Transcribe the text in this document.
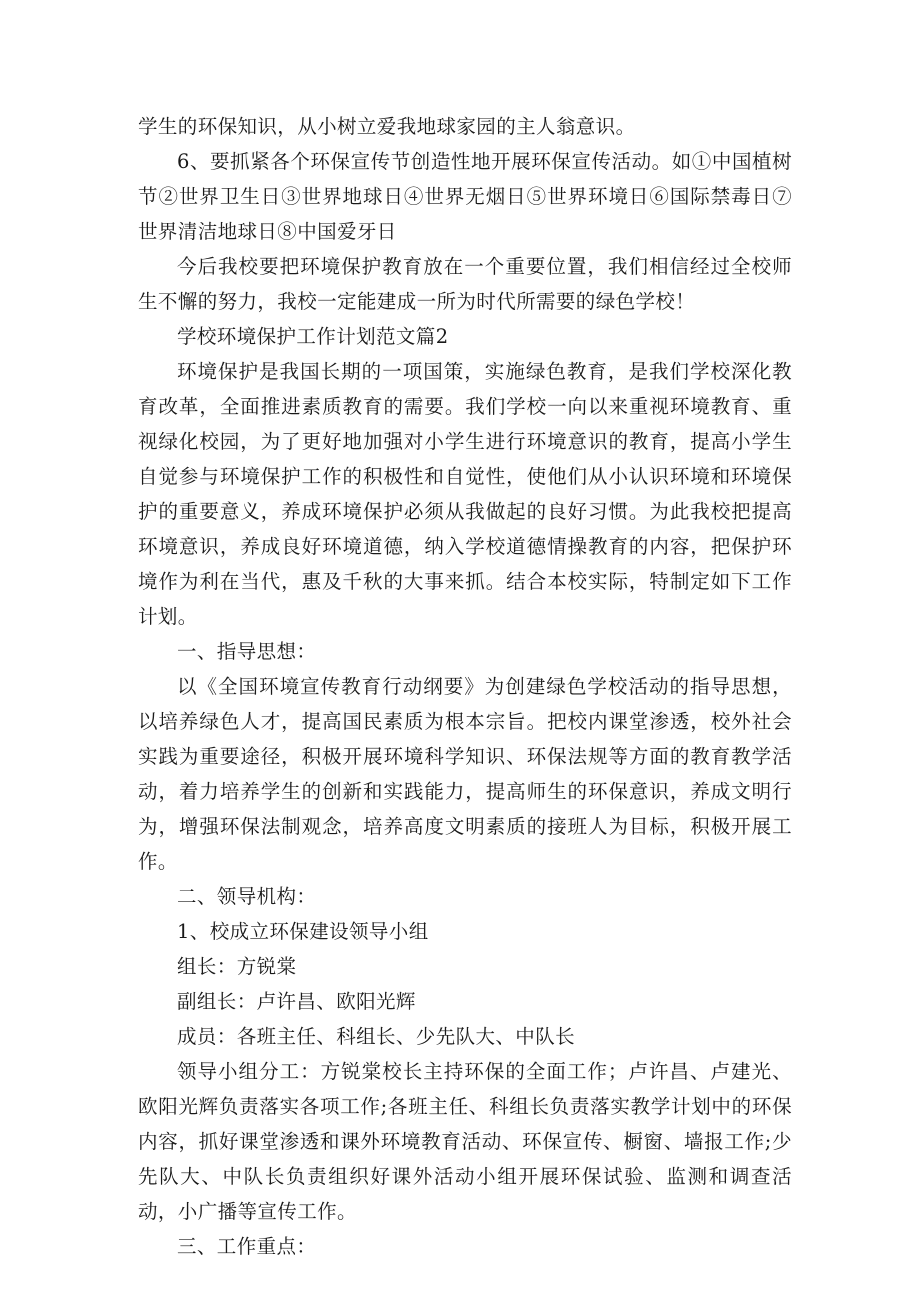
学生的环保知识，从小树立爱我地球家园的主人翁意识。

6、要抓紧各个环保宣传节创造性地开展环保宣传活动。如①中国植树节②世界卫生日③世界地球日④世界无烟日⑤世界环境日⑥国际禁毒日⑦世界清洁地球日⑧中国爱牙日

今后我校要把环境保护教育放在一个重要位置，我们相信经过全校师生不懈的努力，我校一定能建成一所为时代所需要的绿色学校！

学校环境保护工作计划范文篇2

环境保护是我国长期的一项国策，实施绿色教育，是我们学校深化教育改革，全面推进素质教育的需要。我们学校一向以来重视环境教育、重视绿化校园，为了更好地加强对小学生进行环境意识的教育，提高小学生自觉参与环境保护工作的积极性和自觉性，使他们从小认识环境和环境保护的重要意义，养成环境保护必须从我做起的良好习惯。为此我校把提高环境意识，养成良好环境道德，纳入学校道德情操教育的内容，把保护环境作为利在当代，惠及千秋的大事来抓。结合本校实际，特制定如下工作计划。

一、指导思想：

以《全国环境宣传教育行动纲要》为创建绿色学校活动的指导思想，以培养绿色人才，提高国民素质为根本宗旨。把校内课堂渗透，校外社会实践为重要途径，积极开展环境科学知识、环保法规等方面的教育教学活动，着力培养学生的创新和实践能力，提高师生的环保意识，养成文明行为，增强环保法制观念，培养高度文明素质的接班人为目标，积极开展工作。

二、领导机构：

1、校成立环保建设领导小组

组长：方锐棠

副组长：卢许昌、欧阳光辉

成员：各班主任、科组长、少先队大、中队长

领导小组分工：方锐棠校长主持环保的全面工作；卢许昌、卢建光、欧阳光辉负责落实各项工作;各班主任、科组长负责落实教学计划中的环保内容，抓好课堂渗透和课外环境教育活动、环保宣传、橱窗、墙报工作;少先队大、中队长负责组织好课外活动小组开展环保试验、监测和调查活动，小广播等宣传工作。

三、工作重点：
